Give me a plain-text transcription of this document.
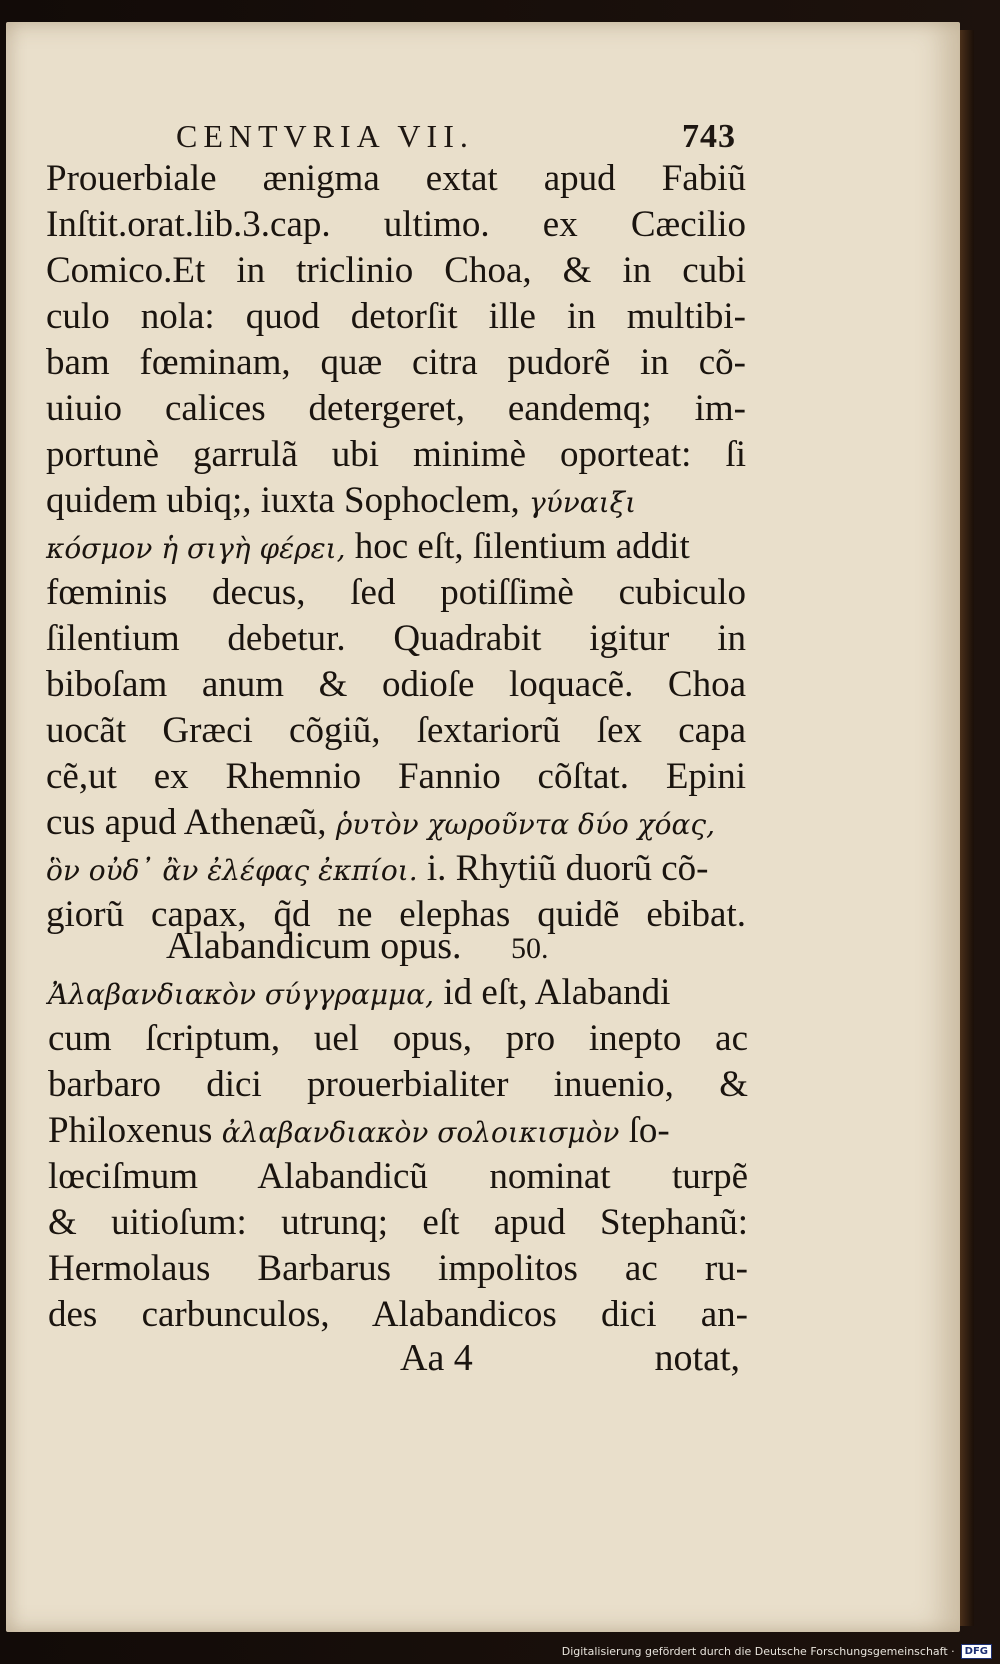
CENTVRIA VII.	743
Prouerbiale ænigma extat apud Fabiũ
Inſtit.orat.lib.3.cap. ultimo. ex Cæcilio
Comico.Et in triclinio Choa, & in cubi
culo nola: quod detorſit ille in multibi-
bam fœminam, quæ citra pudorẽ in cõ-
uiuio calices detergeret, eandemq; im-
portunè garrulã ubi minimè oporteat: ſi
quidem ubiq;, iuxta Sophoclem, γύναιξι
κόσμον ἡ σιγὴ φέρει, hoc eſt, ſilentium addit
fœminis decus, ſed potiſſimè cubiculo
ſilentium debetur. Quadrabit igitur in
biboſam anum & odioſe loquacẽ. Choa
uocãt Græci cõgiũ, ſextariorũ ſex capa
cẽ,ut ex Rhemnio Fannio cõſtat. Epini
cus apud Athenæũ, ῥυτὸν χωροῦντα δύο χόας,
ὃν οὐδ᾽ ἂν ἐλέφας ἐκπίοι. i. Rhytiũ duorũ cõ-
giorũ capax, q̃d ne elephas quidẽ ebibat.
Alabandicum opus. 50.
Ἀλαβανδιακὸν σύγγραμμα, id eſt, Alabandi
cum ſcriptum, uel opus, pro inepto ac
barbaro dici prouerbialiter inuenio, &
Philoxenus ἀλαβανδιακὸν σολοικισμὸν ſo-
lœciſmum Alabandicũ nominat turpẽ
& uitioſum: utrunq; eſt apud Stephanũ:
Hermolaus Barbarus impolitos ac ru-
des carbunculos, Alabandicos dici an-
Aa 4	notat,
Digitalisierung gefördert durch die Deutsche Forschungsgemeinschaft ·	DFG
